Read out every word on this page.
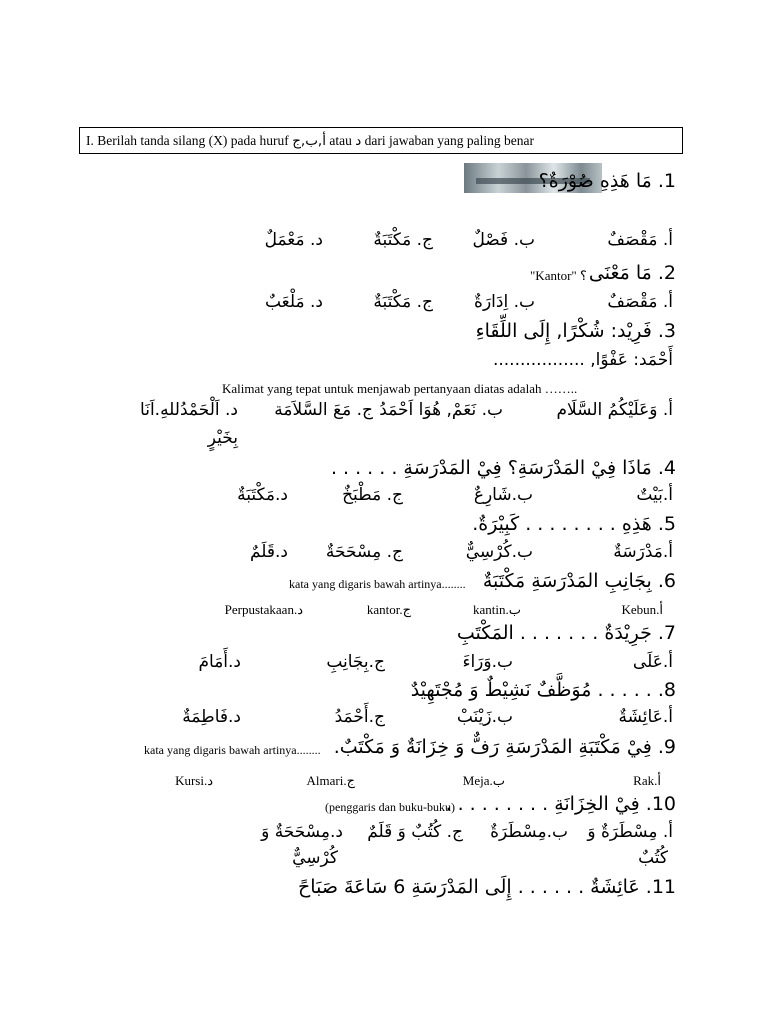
I. Berilah tanda silang (X) pada huruf أ,ب,ج atau د dari jawaban yang paling benar
1. مَا هَذِهِ صُوْرَةٌ؟
أ. مَقْصَفٌ
ب. فَصْلٌ
ج. مَكْتَبَةٌ
د. مَعْمَلٌ
2. مَا مَعْنَى
"Kantor" ؟
أ. مَقْصَفٌ
ب. اِدَارَةٌ
ج. مَكْتَبَةٌ
د. مَلْعَبٌ
3. فَرِيْد: شُكْرًا, إِلَى اللِّقَاءِ
أَحْمَد: عَفْوًا, .................
Kalimat yang tepat untuk menjawab pertanyaan diatas adalah ……..
أ. وَعَلَيْكُمُ السَّلَام
ب. نَعَمْ, هُوَا اَحْمَدُ
ج. مَعَ السَّلاَمَة
د. اَلْحَمْدُللهِ.اَنَا
بِخَيْرٍ
4. مَاذَا فِيْ المَدْرَسَةِ؟ فِيْ المَدْرَسَةِ . . . . . .
أ.بَيْتٌ
ب.شَارِعٌ
ج. مَطْبَخٌ
د.مَكْتَبَةٌ
5. هَذِهِ . . . . . . . . كَبِيْرَةٌ.
أ.مَدْرَسَةٌ
ب.كُرْسِيٌّ
ج. مِسْحَحَةٌ
د.قَلَمٌ
6. بِجَانِبِ المَدْرَسَةِ مَكْتَبَةٌ
kata yang digaris bawah artinya........
Kebun.أ
kantin.ب
kantor.ج
Perpustakaan.د
7. جَرِيْدَةٌ . . . . . . . المَكْتَبِ
أ.عَلَى
ب.وَرَاءَ
ج.بِجَانِبِ
د.أَمَامَ
8. . . . . . مُوَظَّفٌ نَشِيْطٌ وَ مُجْتَهِيْدٌ
أ.عَائِشَةٌ
ب.زَيْنَبْ
ج.أَحْمَدُ
د.فَاطِمَةٌ
9. فِيْ مَكْتَبَةِ المَدْرَسَةِ رَفٌّ وَ خِزَانَةٌ وَ مَكْتَبٌ.
kata yang digaris bawah artinya........
Rak.أ
Meja.ب
Almari.ج
Kursi.د
10. فِيْ الخِزَانَةِ . . . . . . . . .
(penggaris dan buku-buku)
أ. مِسْطَرَةٌ وَ
ب.مِسْطَرَةٌ
ج. كُتُبٌ وَ قَلَمٌ
د.مِسْحَحَةٌ وَ
كُتُبٌ
كُرْسِيٌّ
11. عَائِشَةٌ . . . . . . إِلَى المَدْرَسَةِ 6 سَاعَةَ صَبَاحً
